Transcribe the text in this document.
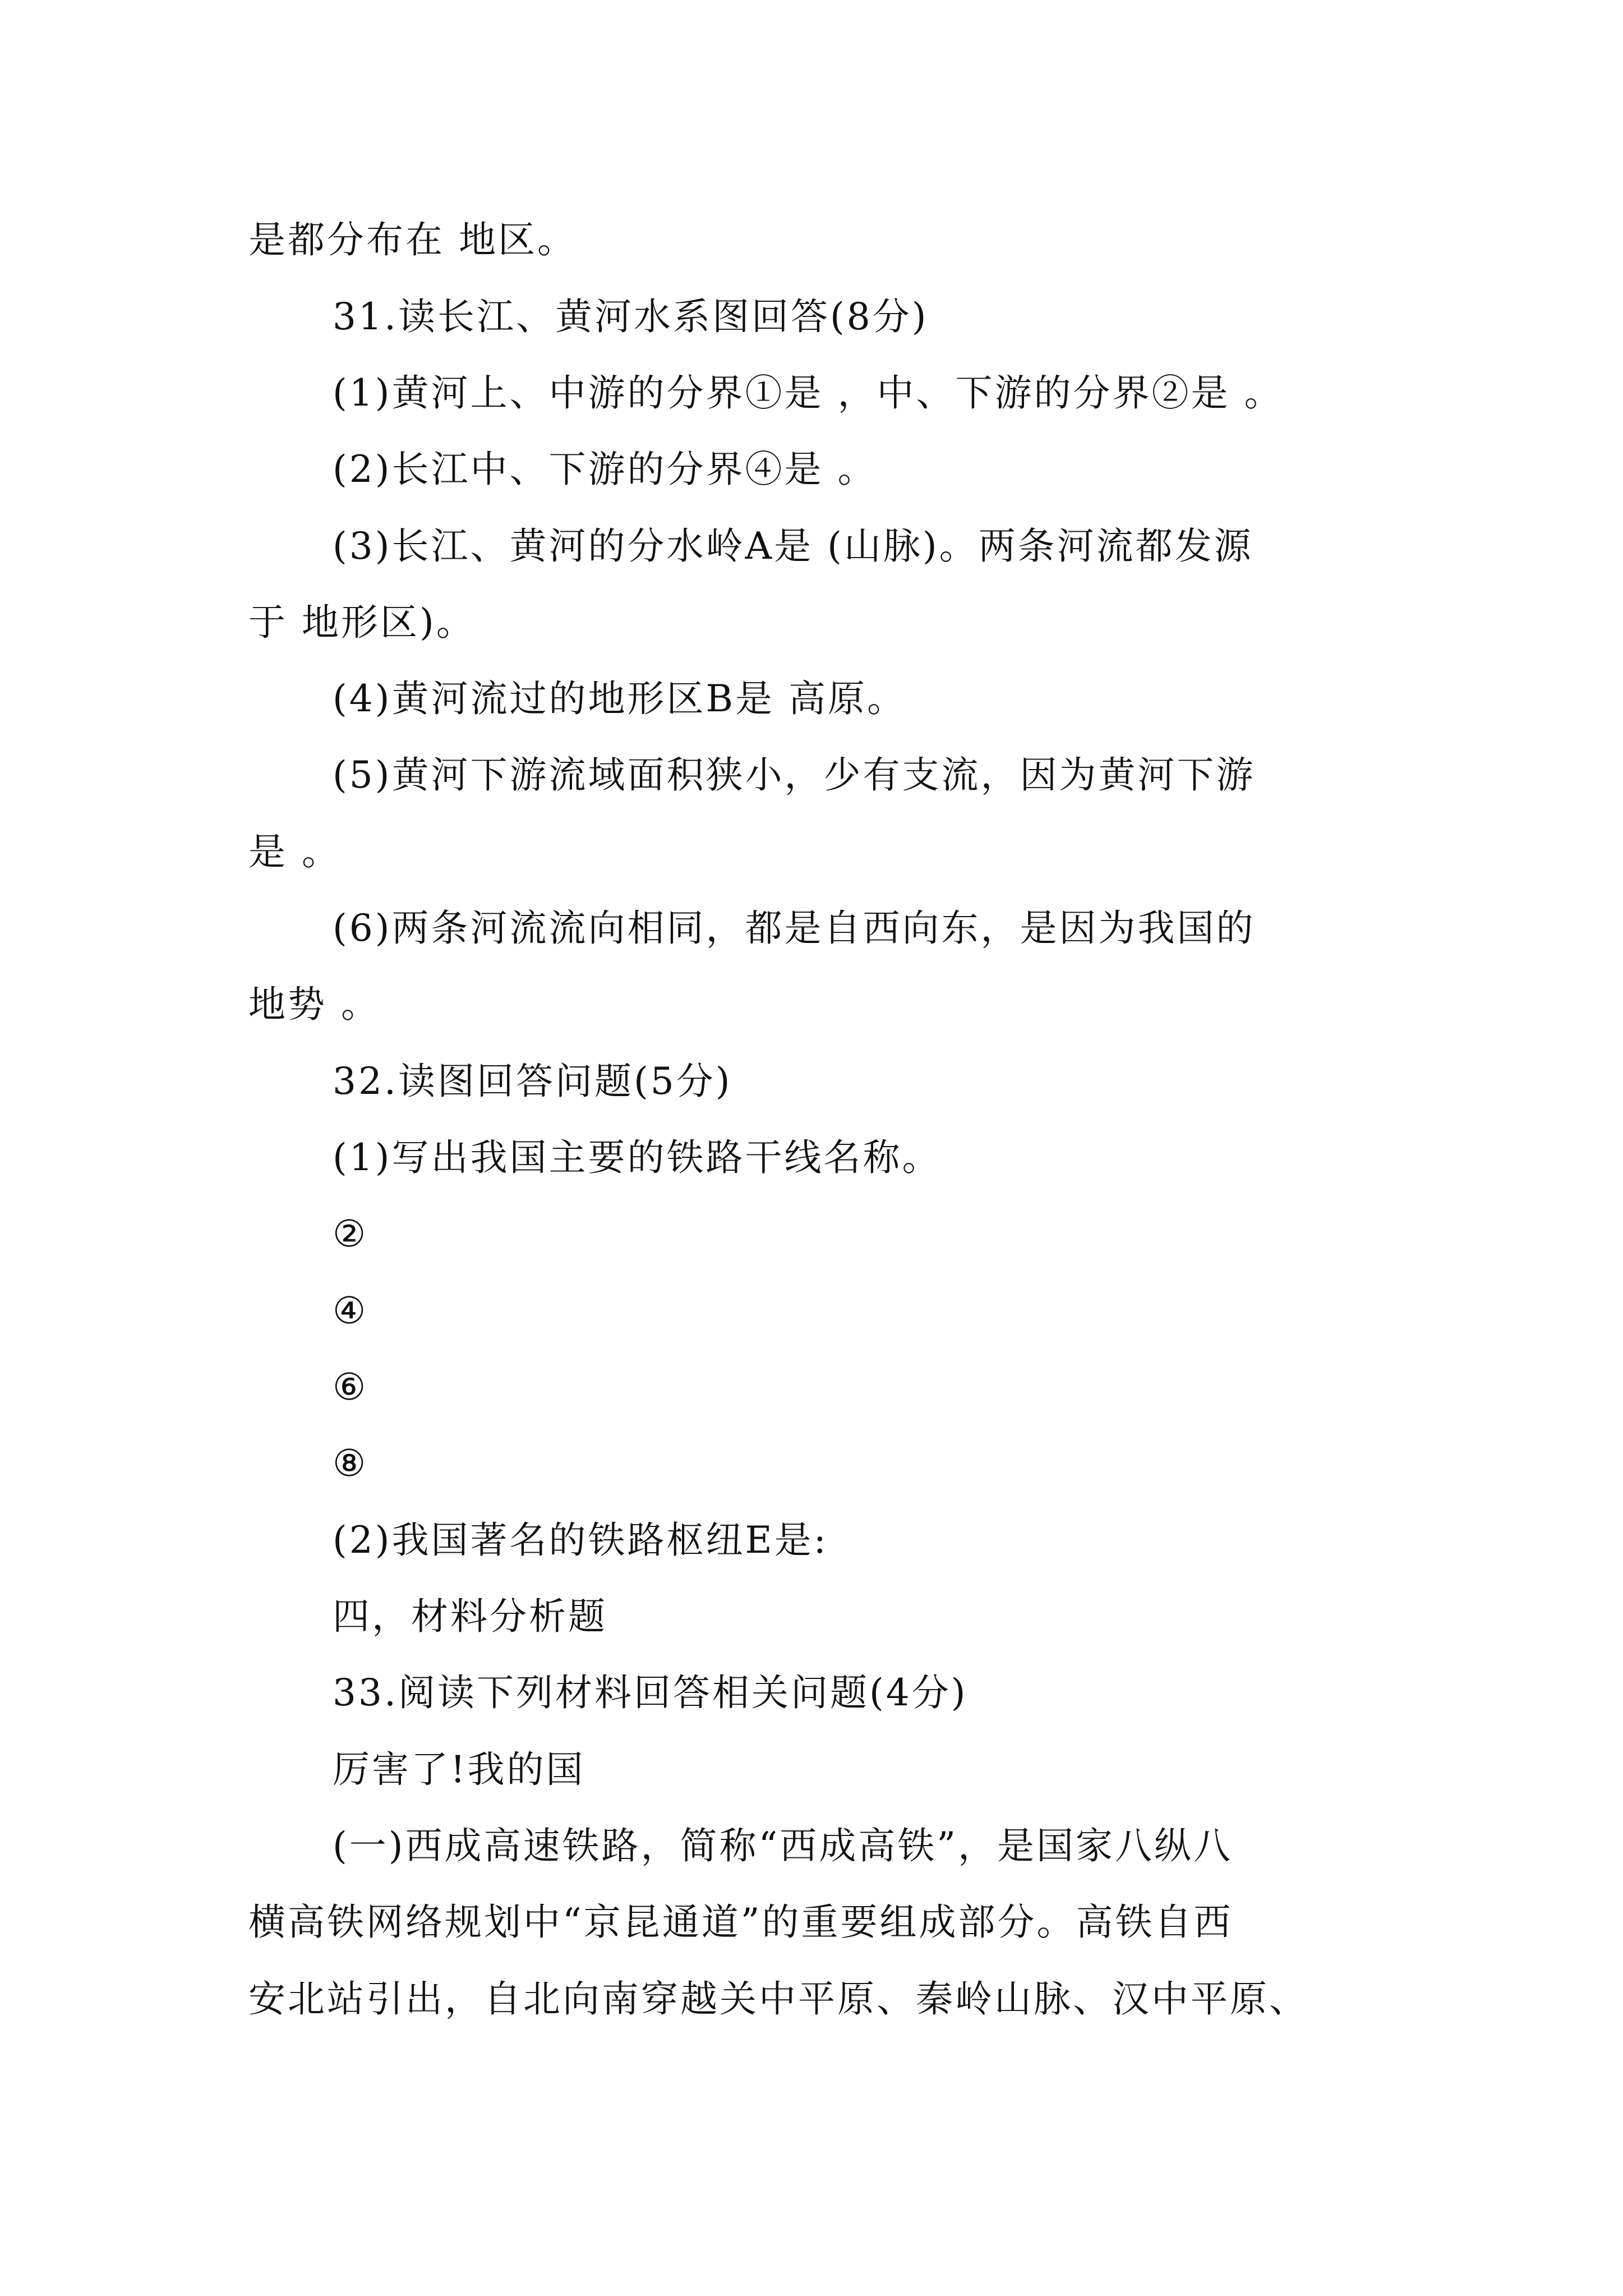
是都分布在 地区。
31.读长江、黄河水系图回答(8分)
(1)黄河上、中游的分界①是 ，中、下游的分界②是 。
(2)长江中、下游的分界④是 。
(3)长江、黄河的分水岭A是 (山脉)。两条河流都发源
于 地形区)。
(4)黄河流过的地形区B是 高原。
(5)黄河下游流域面积狭小，少有支流，因为黄河下游
是 。
(6)两条河流流向相同，都是自西向东，是因为我国的
地势 。
32.读图回答问题(5分)
(1)写出我国主要的铁路干线名称。
②
④
⑥
⑧
(2)我国著名的铁路枢纽E是:
四，材料分析题
33.阅读下列材料回答相关问题(4分)
厉害了!我的国
(一)西成高速铁路，简称“西成高铁”，是国家八纵八
横高铁网络规划中“京昆通道”的重要组成部分。高铁自西
安北站引出，自北向南穿越关中平原、秦岭山脉、汉中平原、
